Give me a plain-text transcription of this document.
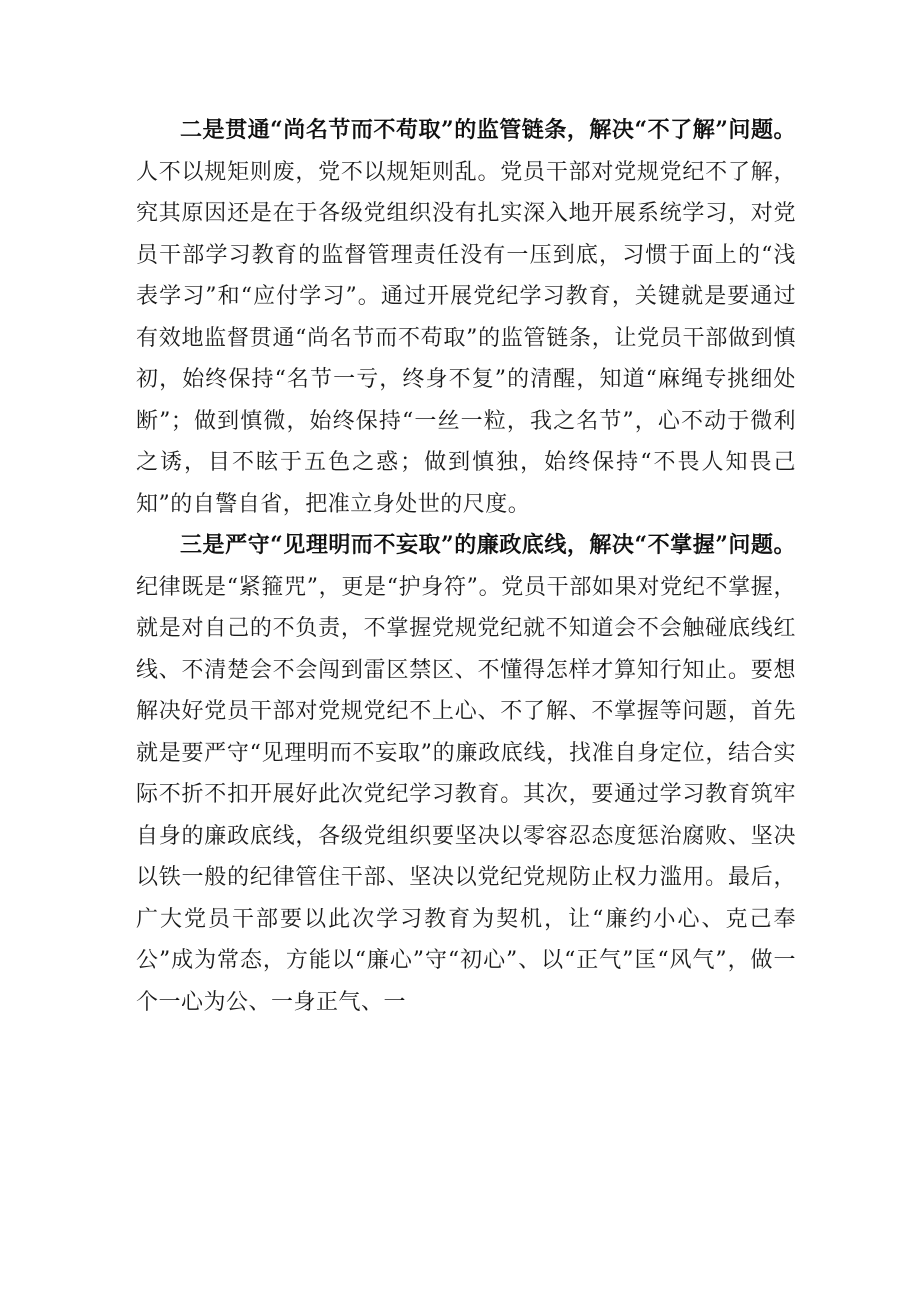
二是贯通“尚名节而不苟取”的监管链条，解决“不了解”问题。人不以规矩则废，党不以规矩则乱。党员干部对党规党纪不了解，究其原因还是在于各级党组织没有扎实深入地开展系统学习，对党员干部学习教育的监督管理责任没有一压到底，习惯于面上的“浅表学习”和“应付学习”。通过开展党纪学习教育，关键就是要通过有效地监督贯通“尚名节而不苟取”的监管链条，让党员干部做到慎初，始终保持“名节一亏，终身不复”的清醒，知道“麻绳专挑细处断”；做到慎微，始终保持“一丝一粒，我之名节”，心不动于微利之诱，目不眩于五色之惑；做到慎独，始终保持“不畏人知畏己知”的自警自省，把准立身处世的尺度。

三是严守“见理明而不妄取”的廉政底线，解决“不掌握”问题。纪律既是“紧箍咒”，更是“护身符”。党员干部如果对党纪不掌握，就是对自己的不负责，不掌握党规党纪就不知道会不会触碰底线红线、不清楚会不会闯到雷区禁区、不懂得怎样才算知行知止。要想解决好党员干部对党规党纪不上心、不了解、不掌握等问题，首先就是要严守“见理明而不妄取”的廉政底线，找准自身定位，结合实际不折不扣开展好此次党纪学习教育。其次，要通过学习教育筑牢自身的廉政底线，各级党组织要坚决以零容忍态度惩治腐败、坚决以铁一般的纪律管住干部、坚决以党纪党规防止权力滥用。最后，广大党员干部要以此次学习教育为契机，让“廉约小心、克己奉公”成为常态，方能以“廉心”守“初心”、以“正气”匡“风气”，做一个一心为公、一身正气、一
